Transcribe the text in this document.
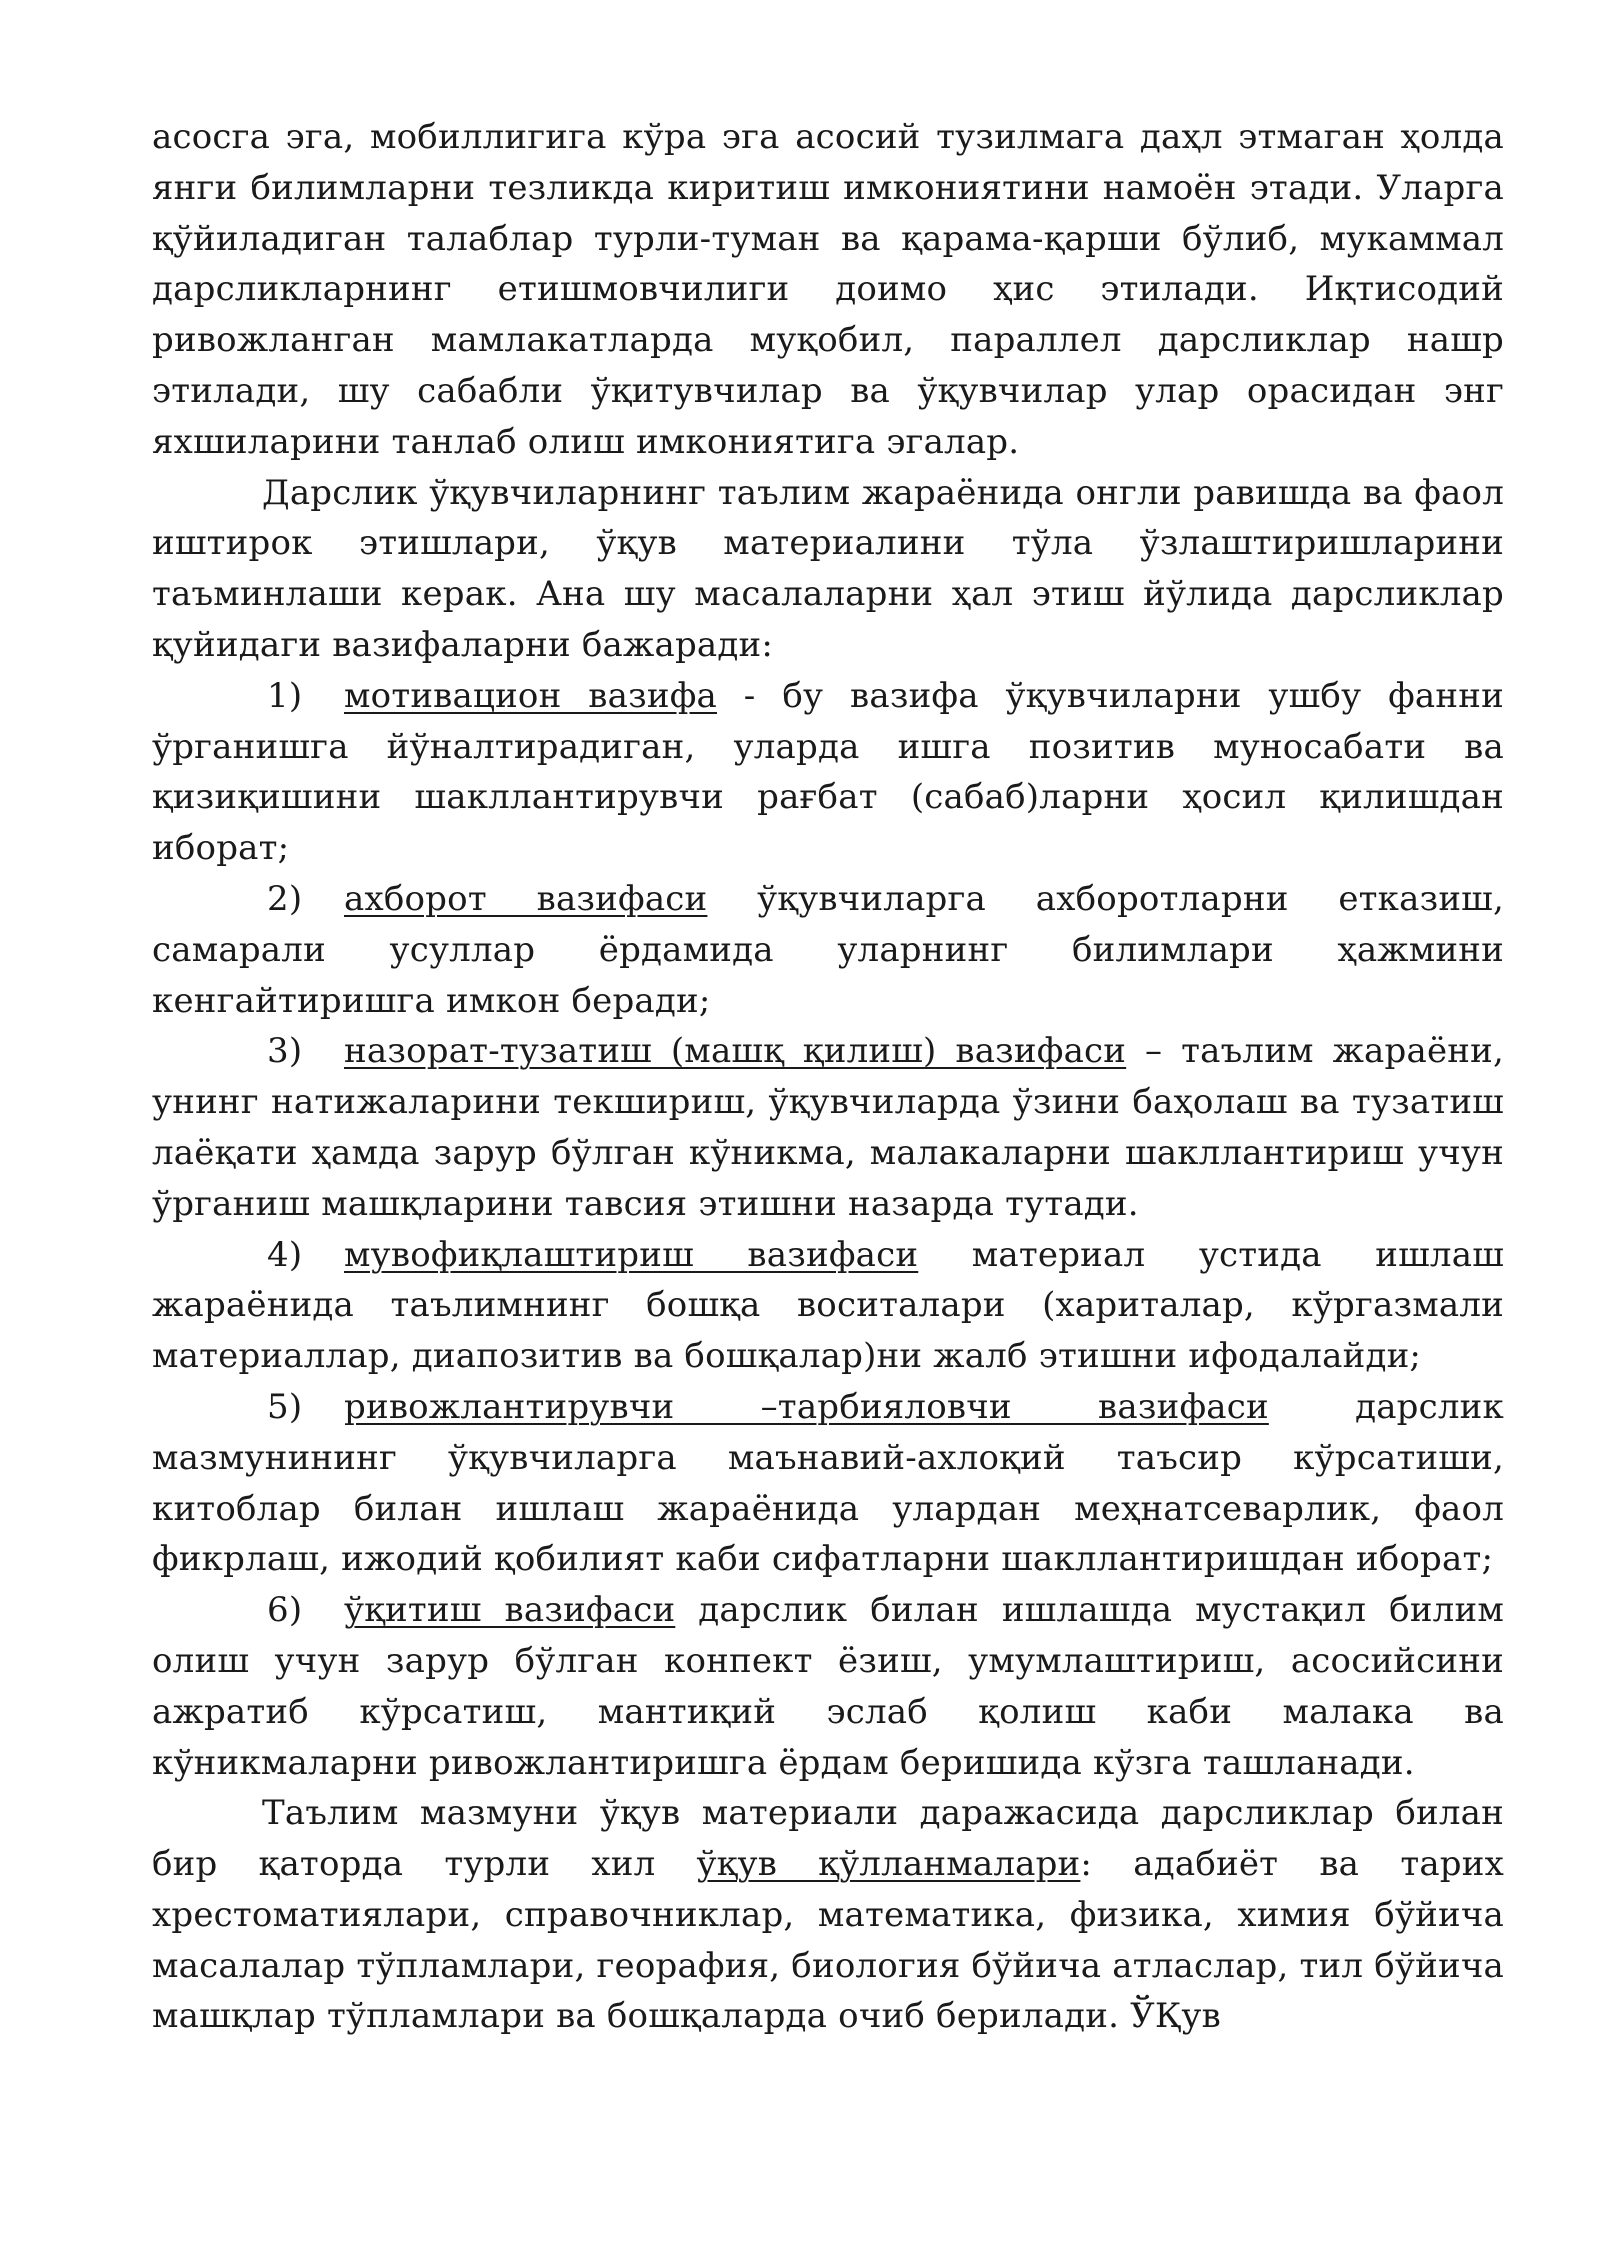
асосга эга, мобиллигига кўра эга асосий тузилмага даҳл этмаган ҳолда янги билимларни тезликда киритиш имкониятини намоён этади. Уларга қўйиладиган талаблар турли-туман ва қарама-қарши бўлиб, мукаммал дарсликларнинг етишмовчилиги доимо ҳис этилади. Иқтисодий ривожланган мамлакатларда муқобил, параллел дарсликлар нашр этилади, шу сабабли ўқитувчилар ва ўқувчилар улар орасидан энг яхшиларини танлаб олиш имкониятига эгалар.

Дарслик ўқувчиларнинг таълим жараёнида онгли равишда ва фаол иштирок этишлари, ўқув материалини тўла ўзлаштиришларини таъминлаши керак. Ана шу масалаларни ҳал этиш йўлида дарсликлар қуйидаги вазифаларни бажаради:

1) мотивацион вазифа - бу вазифа ўқувчиларни ушбу фанни ўрганишга йўналтирадиган, уларда ишга позитив муносабати ва қизиқишини шакллантирувчи рағбат (сабаб)ларни ҳосил қилишдан иборат;

2) ахборот вазифаси ўқувчиларга ахборотларни етказиш, самарали усуллар ёрдамида уларнинг билимлари ҳажмини кенгайтиришга имкон беради;

3) назорат-тузатиш (машқ қилиш) вазифаси – таълим жараёни, унинг натижаларини текшириш, ўқувчиларда ўзини баҳолаш ва тузатиш лаёқати ҳамда зарур бўлган кўникма, малакаларни шакллантириш учун ўрганиш машқларини тавсия этишни назарда тутади.

4) мувофиқлаштириш вазифаси материал устида ишлаш жараёнида таълимнинг бошқа воситалари (хариталар, кўргазмали материаллар, диапозитив ва бошқалар)ни жалб этишни ифодалайди;

5) ривожлантирувчи –тарбияловчи вазифаси дарслик мазмунининг ўқувчиларга маънавий-ахлоқий таъсир кўрсатиши, китоблар билан ишлаш жараёнида улардан меҳнатсеварлик, фаол фикрлаш, ижодий қобилият каби сифатларни шакллантиришдан иборат;

6) ўқитиш вазифаси дарслик билан ишлашда мустақил билим олиш учун зарур бўлган конпект ёзиш, умумлаштириш, асосийсини ажратиб кўрсатиш, мантиқий эслаб қолиш каби малака ва кўникмаларни ривожлантиришга ёрдам беришида кўзга ташланади.

Таълим мазмуни ўқув материали даражасида дарсликлар билан бир қаторда турли хил ўқув қўлланмалари: адабиёт ва тарих хрестоматиялари, справочниклар, математика, физика, химия бўйича масалалар тўпламлари, георафия, биология бўйича атласлар, тил бўйича машқлар тўпламлари ва бошқаларда очиб берилади. ЎҚув
